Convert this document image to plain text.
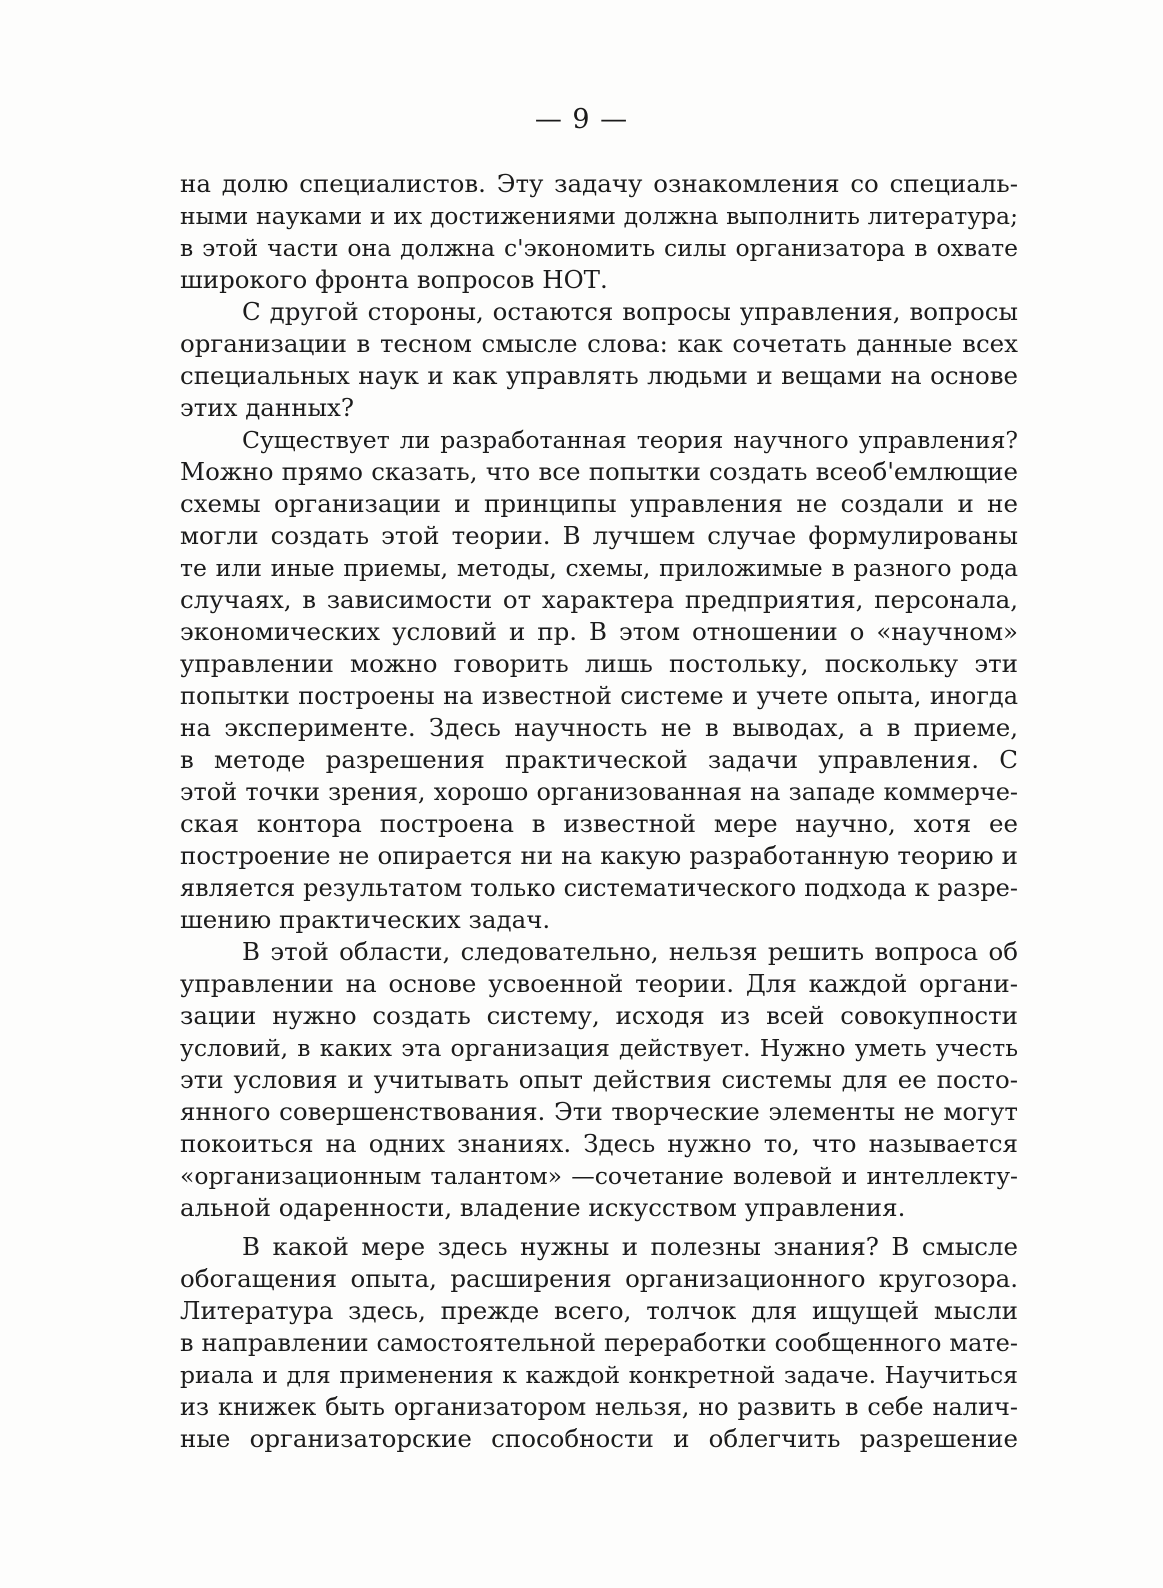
— 9 —
на долю специалистов. Эту задачу ознакомления со специаль-
ными науками и их достижениями должна выполнить литература;
в этой части она должна с'экономить силы организатора в охвате
широкого фронта вопросов НОТ.
С другой стороны, остаются вопросы управления, вопросы
организации в тесном смысле слова: как сочетать данные всех
специальных наук и как управлять людьми и вещами на основе
этих данных?
Существует ли разработанная теория научного управления?
Можно прямо сказать, что все попытки создать всеоб'емлющие
схемы организации и принципы управления не создали и не
могли создать этой теории. В лучшем случае формулированы
те или иные приемы, методы, схемы, приложимые в разного рода
случаях, в зависимости от характера предприятия, персонала,
экономических условий и пр. В этом отношении о «научном»
управлении можно говорить лишь постольку, поскольку эти
попытки построены на известной системе и учете опыта, иногда
на эксперименте. Здесь научность не в выводах, а в приеме,
в методе разрешения практической задачи управления. С
этой точки зрения, хорошо организованная на западе коммерче-
ская контора построена в известной мере научно, хотя ее
построение не опирается ни на какую разработанную теорию и
является результатом только систематического подхода к разре-
шению практических задач.
В этой области, следовательно, нельзя решить вопроса об
управлении на основе усвоенной теории. Для каждой органи-
зации нужно создать систему, исходя из всей совокупности
условий, в каких эта организация действует. Нужно уметь учесть
эти условия и учитывать опыт действия системы для ее посто-
янного совершенствования. Эти творческие элементы не могут
покоиться на одних знаниях. Здесь нужно то, что называется
«организационным талантом» —сочетание волевой и интеллекту-
альной одаренности, владение искусством управления.
В какой мере здесь нужны и полезны знания? В смысле
обогащения опыта, расширения организационного кругозора.
Литература здесь, прежде всего, толчок для ищущей мысли
в направлении самостоятельной переработки сообщенного мате-
риала и для применения к каждой конкретной задаче. Научиться
из книжек быть организатором нельзя, но развить в себе налич-
ные организаторские способности и облегчить разрешение
